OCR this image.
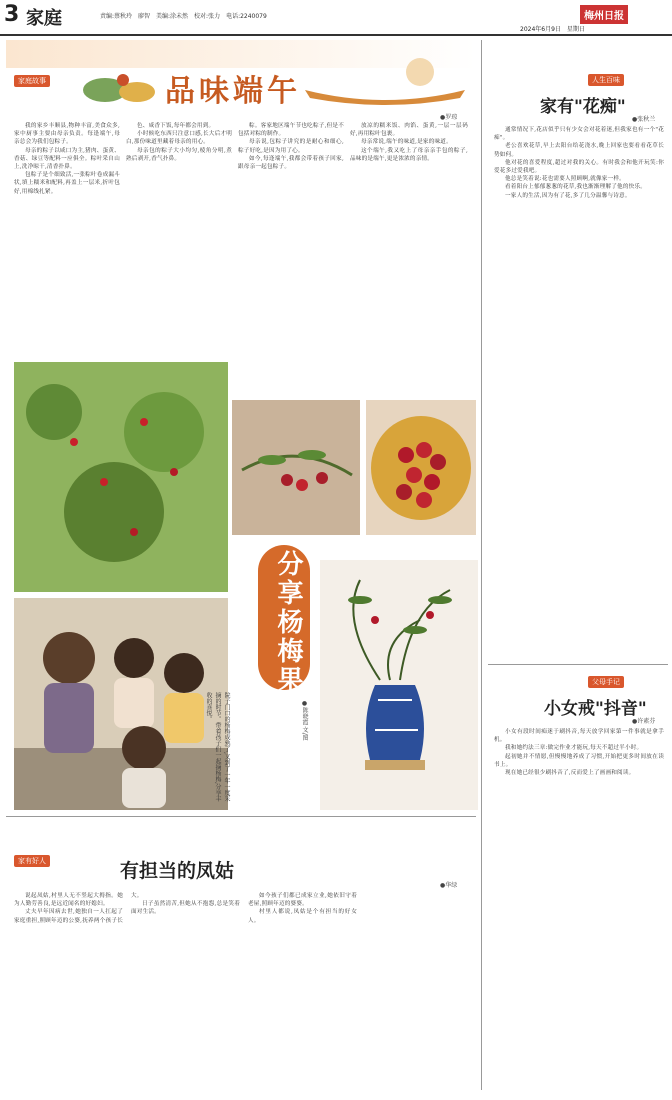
3 家庭	责编:蔡秋玲　廖智　美编:涂未然　校对:张力　电话:2240079	梅州日报
2024年6月9日　星期日
家庭故事	品味端午
●罗琼

我的家乡丰顺县,物种丰富,美食众多,家中厨事主要由母亲负责。每逢端午,母亲总会为我们包粽子。

母亲的粽子以咸口为主,猪肉、蛋黄、香菇、绿豆等配料一应俱全。粽叶采自山上,洗净晾干,清香扑鼻。

包粽子是个细致活,一张粽叶卷成漏斗状,填上糯米和配料,再盖上一层米,折叶包好,用棉线扎紧。

色、咸香下饭,每年都会用到。

小时候吃东西只注意口感,长大后才明白,那份味道里藏着母亲的用心。

母亲包的粽子大小均匀,棱角分明,煮熟后剥开,香气扑鼻。

粽。客家地区端午节也吃粽子,但是不包括对粽的制作。

母亲说,包粽子讲究的是耐心和细心,粽子好吃,是因为用了心。

如今,每逢端午,我都会带着孩子回家,跟母亲一起包粽子。

放凉的糯米饭、肉馅、蛋黄,一层一层码好,再用粽叶包裹。

母亲常说,端午的味道,是家的味道。

这个端午,我又吃上了母亲亲手包的粽子,品味的是端午,更是浓浓的亲情。

分享杨梅果
院子门口的杨梅成熟了,又到了一年一度采摘的时节。带着孩子们一起摘杨梅,分享丰收的喜悦。	●陈晓霞 文/图
人生百味
家有"花痴"
●张秋兰

通常情况下,花店似乎只有少女会对花着迷,但我家也有一个"花痴"。

老公喜欢花草,早上去阳台给花浇水,晚上回家也要看看花草长势如何。

他对花的喜爱程度,超过对我的关心。有时我会和他开玩笑:你爱花多过爱我吧。

他总是笑着说:花也需要人照顾啊,就像家一样。

看着阳台上郁郁葱葱的花草,我也渐渐理解了他的快乐。

一家人的生活,因为有了花,多了几分温馨与诗意。

父母手记
小女戒"抖音"
●许素芬

小女有段时间痴迷于刷抖音,每天放学回家第一件事就是拿手机。

我和她约法三章:做完作业才能玩,每天不超过半小时。

起初她并不情愿,但慢慢地养成了习惯,开始把更多时间放在读书上。

现在她已经很少刷抖音了,反而爱上了画画和阅读。

家有好人	有担当的凤姑
●华绿

说起凤姑,村里人无不竖起大拇指。她为人勤劳善良,是远近闻名的好媳妇。

丈夫早年因病去世,她独自一人扛起了家庭重担,照顾年迈的公婆,抚养两个孩子长大。

日子虽然清苦,但她从不抱怨,总是笑着面对生活。

如今孩子们都已成家立业,她依旧守着老屋,照顾年迈的婆婆。

村里人都说,凤姑是个有担当的好女人。
